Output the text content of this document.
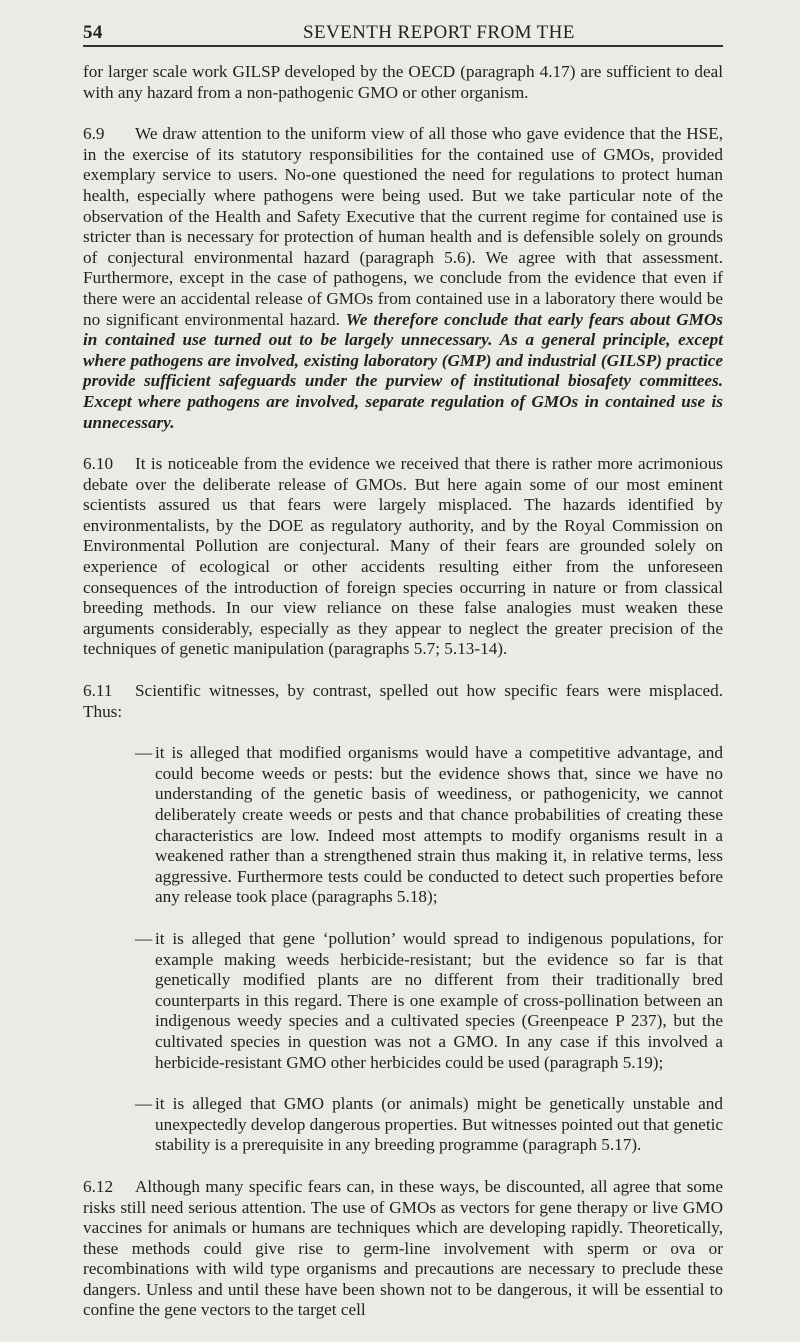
54	SEVENTH REPORT FROM THE

for larger scale work GILSP developed by the OECD (paragraph 4.17) are sufficient to deal with any hazard from a non-pathogenic GMO or other organism.

6.9 We draw attention to the uniform view of all those who gave evidence that the HSE, in the exercise of its statutory responsibilities for the contained use of GMOs, provided exemplary service to users. No-one questioned the need for regulations to protect human health, especially where pathogens were being used. But we take particular note of the observation of the Health and Safety Executive that the current regime for contained use is stricter than is necessary for protection of human health and is defensible solely on grounds of conjectural environmental hazard (paragraph 5.6). We agree with that assessment. Furthermore, except in the case of pathogens, we conclude from the evidence that even if there were an accidental release of GMOs from contained use in a laboratory there would be no significant environmental hazard. We therefore conclude that early fears about GMOs in contained use turned out to be largely unnecessary. As a general principle, except where pathogens are involved, existing laboratory (GMP) and industrial (GILSP) practice provide sufficient safeguards under the purview of institutional biosafety committees. Except where pathogens are involved, separate regulation of GMOs in contained use is unnecessary.

6.10 It is noticeable from the evidence we received that there is rather more acrimonious debate over the deliberate release of GMOs. But here again some of our most eminent scientists assured us that fears were largely misplaced. The hazards identified by environmentalists, by the DOE as regulatory authority, and by the Royal Commission on Environmental Pollution are conjectural. Many of their fears are grounded solely on experience of ecological or other accidents resulting either from the unforeseen consequences of the introduction of foreign species occurring in nature or from classical breeding methods. In our view reliance on these false analogies must weaken these arguments considerably, especially as they appear to neglect the greater precision of the techniques of genetic manipulation (paragraphs 5.7; 5.13-14).

6.11 Scientific witnesses, by contrast, spelled out how specific fears were misplaced. Thus:

— it is alleged that modified organisms would have a competitive advantage, and could become weeds or pests: but the evidence shows that, since we have no understanding of the genetic basis of weediness, or pathogenicity, we cannot deliberately create weeds or pests and that chance probabilities of creating these characteristics are low. Indeed most attempts to modify organisms result in a weakened rather than a strengthened strain thus making it, in relative terms, less aggressive. Furthermore tests could be conducted to detect such properties before any release took place (paragraphs 5.18);
— it is alleged that gene ‘pollution’ would spread to indigenous populations, for example making weeds herbicide-resistant; but the evidence so far is that genetically modified plants are no different from their traditionally bred counterparts in this regard. There is one example of cross-pollination between an indigenous weedy species and a cultivated species (Greenpeace P 237), but the cultivated species in question was not a GMO. In any case if this involved a herbicide-resistant GMO other herbicides could be used (paragraph 5.19);
— it is alleged that GMO plants (or animals) might be genetically unstable and unexpectedly develop dangerous properties. But witnesses pointed out that genetic stability is a prerequisite in any breeding programme (paragraph 5.17).

6.12 Although many specific fears can, in these ways, be discounted, all agree that some risks still need serious attention. The use of GMOs as vectors for gene therapy or live GMO vaccines for animals or humans are techniques which are developing rapidly. Theoretically, these methods could give rise to germ-line involvement with sperm or ova or recombinations with wild type organisms and precautions are necessary to preclude these dangers. Unless and until these have been shown not to be dangerous, it will be essential to confine the gene vectors to the target cell
